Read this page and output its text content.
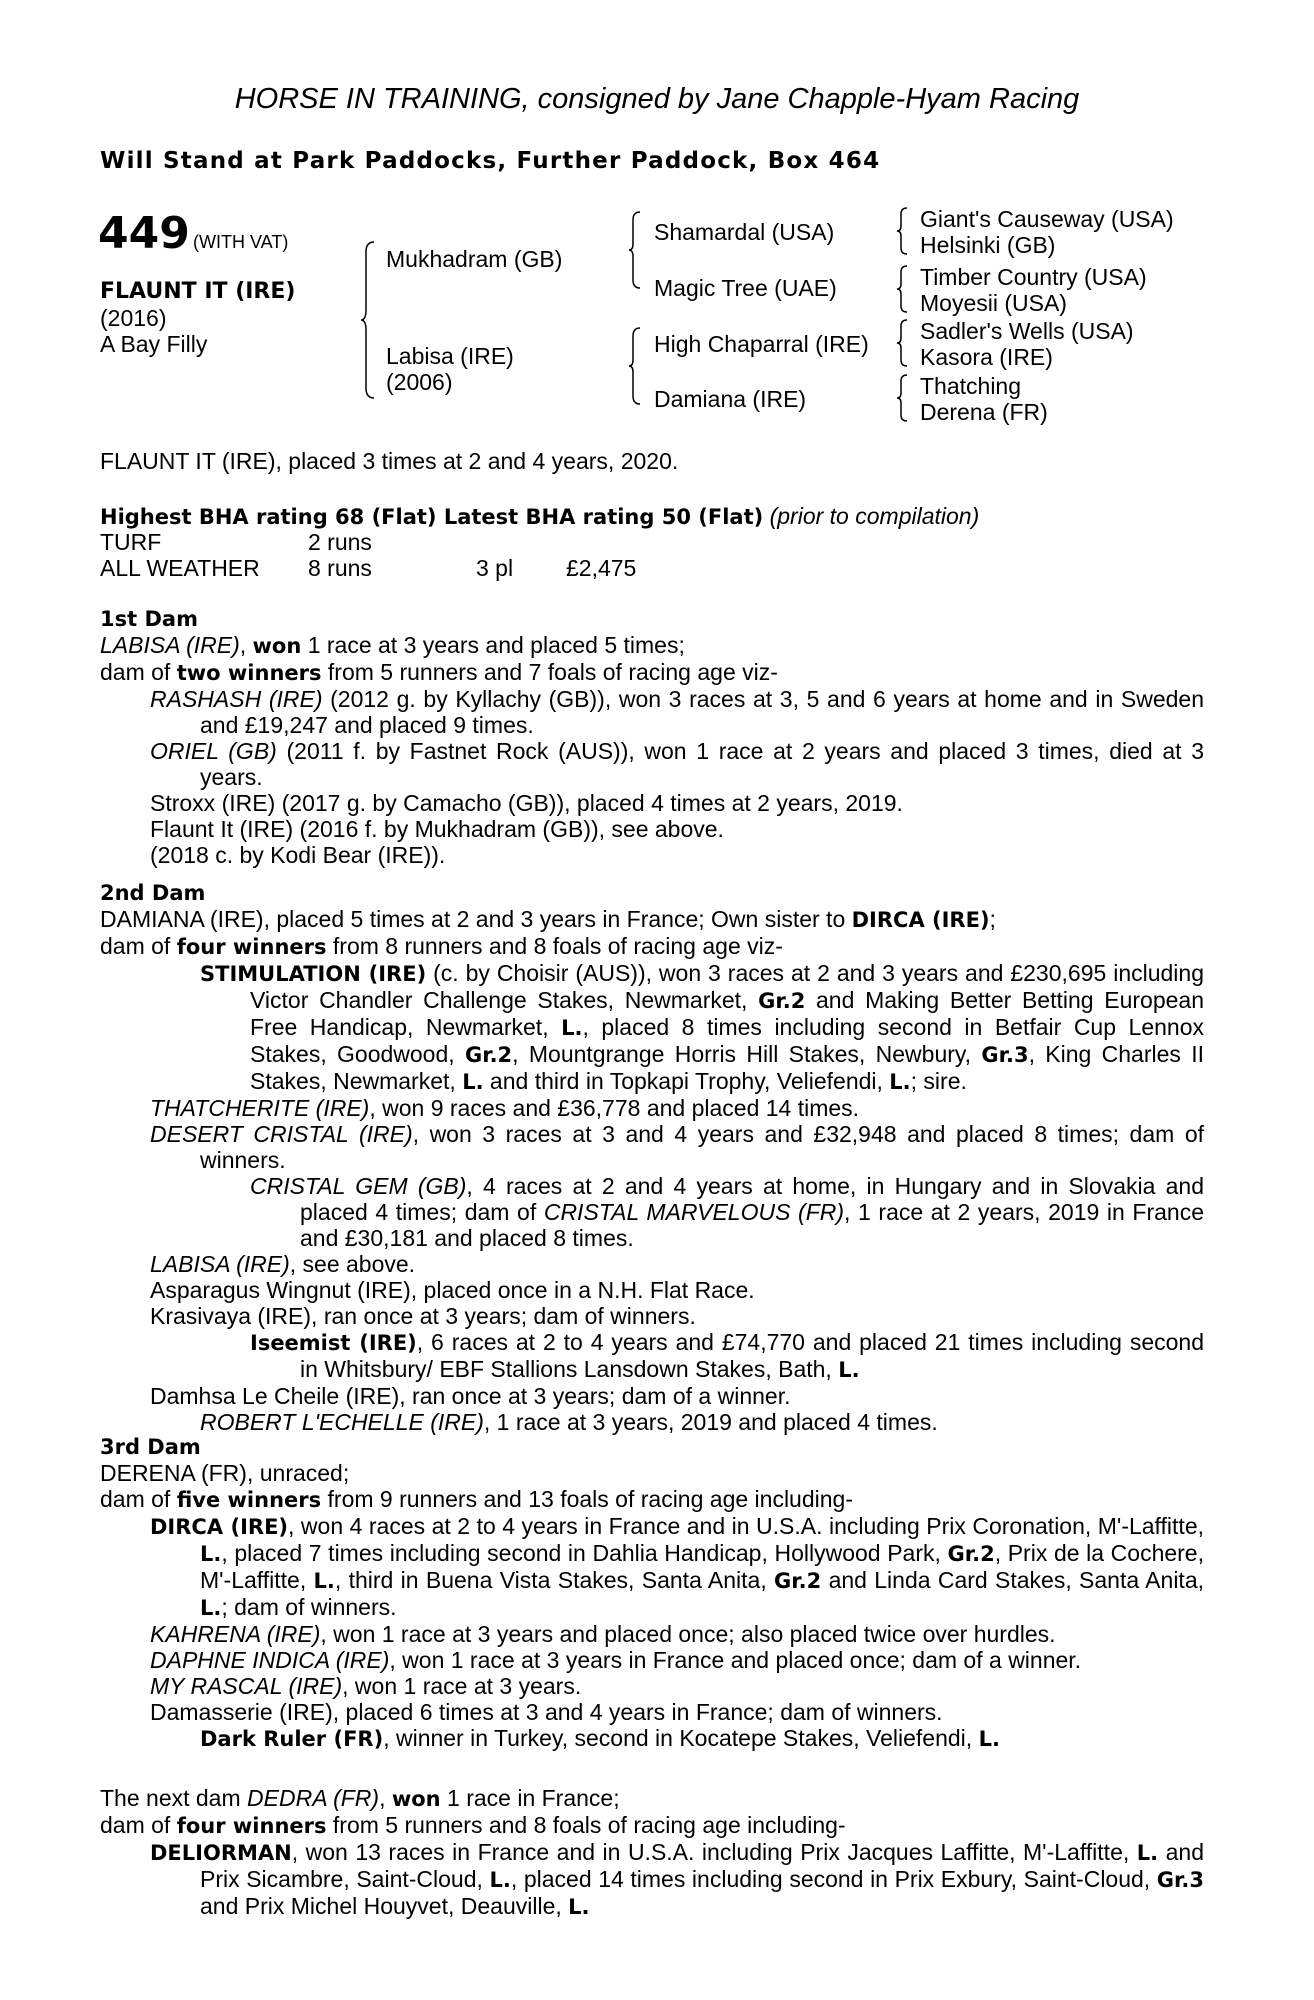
HORSE IN TRAINING, consigned by Jane Chapple-Hyam Racing
Will Stand at Park Paddocks, Further Paddock, Box 464
449 (WITH VAT)
FLAUNT IT (IRE)
(2016)
A Bay Filly
Mukhadram (GB)
Labisa (IRE)
(2006)
Shamardal (USA)
Magic Tree (UAE)
High Chaparral (IRE)
Damiana (IRE)
Giant's Causeway (USA)
Helsinki (GB)
Timber Country (USA)
Moyesii (USA)
Sadler's Wells (USA)
Kasora (IRE)
Thatching
Derena (FR)
FLAUNT IT (IRE), placed 3 times at 2 and 4 years, 2020.
Highest BHA rating 68 (Flat) Latest BHA rating 50 (Flat) (prior to compilation)
TURF	2 runs		
ALL WEATHER	8 runs	3 pl	£2,475

1st Dam

LABISA (IRE), won 1 race at 3 years and placed 5 times;

dam of two winners from 5 runners and 7 foals of racing age viz-

RASHASH (IRE) (2012 g. by Kyllachy (GB)), won 3 races at 3, 5 and 6 years at home and in Sweden and £19,247 and placed 9 times.

ORIEL (GB) (2011 f. by Fastnet Rock (AUS)), won 1 race at 2 years and placed 3 times, died at 3 years.

Stroxx (IRE) (2017 g. by Camacho (GB)), placed 4 times at 2 years, 2019.

Flaunt It (IRE) (2016 f. by Mukhadram (GB)), see above.

(2018 c. by Kodi Bear (IRE)).

2nd Dam

DAMIANA (IRE), placed 5 times at 2 and 3 years in France; Own sister to DIRCA (IRE);

dam of four winners from 8 runners and 8 foals of racing age viz-

STIMULATION (IRE) (c. by Choisir (AUS)), won 3 races at 2 and 3 years and £230,695 including Victor Chandler Challenge Stakes, Newmarket, Gr.2 and Making Better Betting European Free Handicap, Newmarket, L., placed 8 times including second in Betfair Cup Lennox Stakes, Goodwood, Gr.2, Mountgrange Horris Hill Stakes, Newbury, Gr.3, King Charles II Stakes, Newmarket, L. and third in Topkapi Trophy, Veliefendi, L.; sire.

THATCHERITE (IRE), won 9 races and £36,778 and placed 14 times.

DESERT CRISTAL (IRE), won 3 races at 3 and 4 years and £32,948 and placed 8 times; dam of winners.

CRISTAL GEM (GB), 4 races at 2 and 4 years at home, in Hungary and in Slovakia and placed 4 times; dam of CRISTAL MARVELOUS (FR), 1 race at 2 years, 2019 in France and £30,181 and placed 8 times.

LABISA (IRE), see above.

Asparagus Wingnut (IRE), placed once in a N.H. Flat Race.

Krasivaya (IRE), ran once at 3 years; dam of winners.

Iseemist (IRE), 6 races at 2 to 4 years and £74,770 and placed 21 times including second in Whitsbury/ EBF Stallions Lansdown Stakes, Bath, L.

Damhsa Le Cheile (IRE), ran once at 3 years; dam of a winner.

ROBERT L'ECHELLE (IRE), 1 race at 3 years, 2019 and placed 4 times.

3rd Dam

DERENA (FR), unraced;

dam of five winners from 9 runners and 13 foals of racing age including-

DIRCA (IRE), won 4 races at 2 to 4 years in France and in U.S.A. including Prix Coronation, M'-Laffitte, L., placed 7 times including second in Dahlia Handicap, Hollywood Park, Gr.2, Prix de la Cochere, M'-Laffitte, L., third in Buena Vista Stakes, Santa Anita, Gr.2 and Linda Card Stakes, Santa Anita, L.; dam of winners.

KAHRENA (IRE), won 1 race at 3 years and placed once; also placed twice over hurdles.

DAPHNE INDICA (IRE), won 1 race at 3 years in France and placed once; dam of a winner.

MY RASCAL (IRE), won 1 race at 3 years.

Damasserie (IRE), placed 6 times at 3 and 4 years in France; dam of winners.

Dark Ruler (FR), winner in Turkey, second in Kocatepe Stakes, Veliefendi, L.

The next dam DEDRA (FR), won 1 race in France;

dam of four winners from 5 runners and 8 foals of racing age including-

DELIORMAN, won 13 races in France and in U.S.A. including Prix Jacques Laffitte, M'-Laffitte, L. and Prix Sicambre, Saint-Cloud, L., placed 14 times including second in Prix Exbury, Saint-Cloud, Gr.3 and Prix Michel Houyvet, Deauville, L.
